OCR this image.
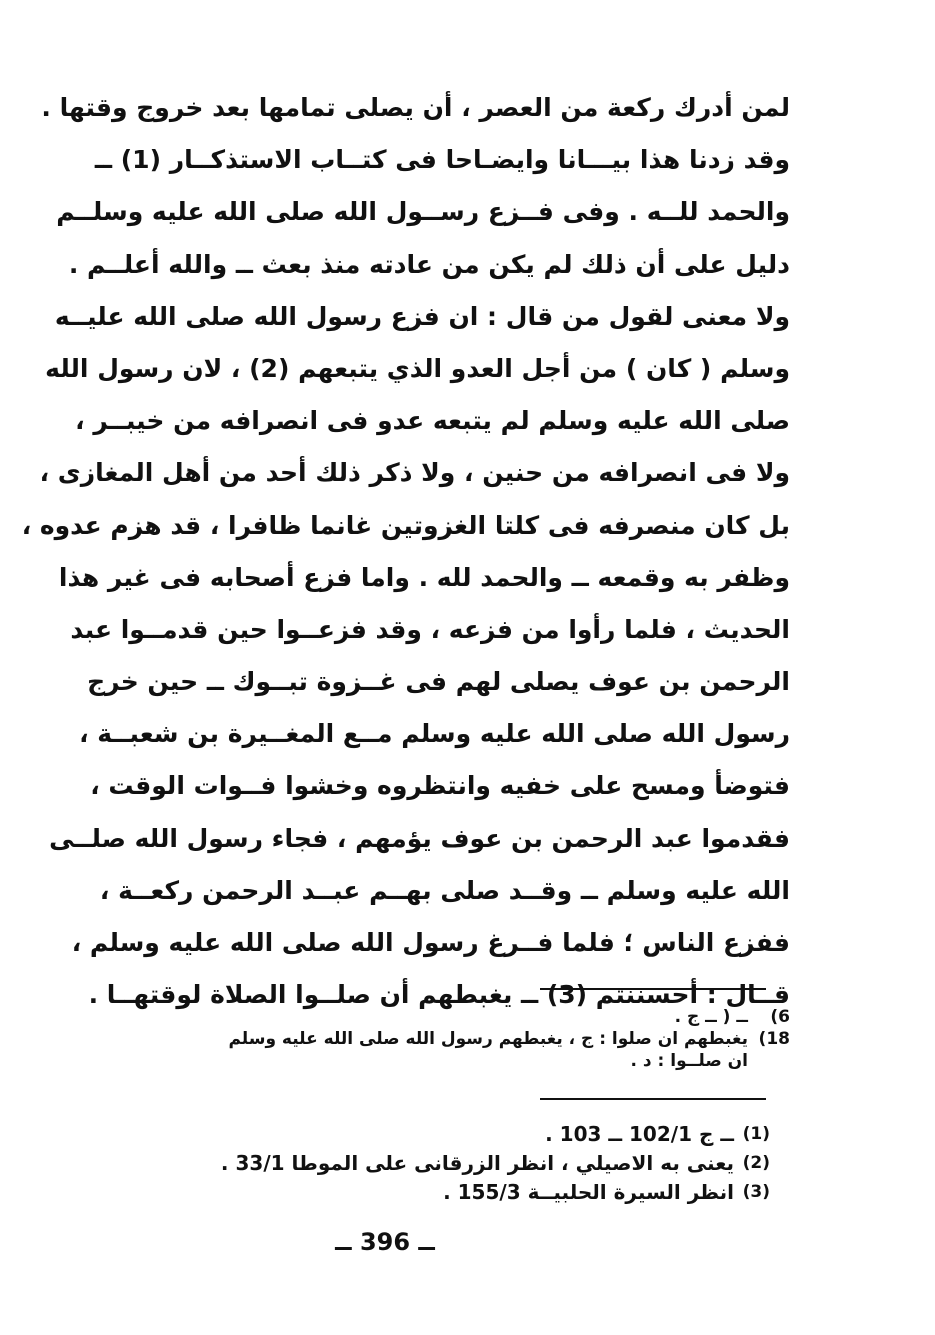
لمن أدرك ركعة من العصر ، أن يصلى تمامها بعد خروج وقتها .
وقد زدنا هذا بيـــانا وايضـاحا فى كتــاب الاستذكــار (1) ــ
والحمد للــه . وفى فــزع رســول الله صلى الله عليه وسلــم
دليل على أن ذلك لم يكن من عادته منذ بعث ــ والله أعلــم .
ولا معنى لقول من قال : ان فزع رسول الله صلى الله عليــه
وسلم ( كان ) من أجل العدو الذي يتبعهم (2) ، لان رسول الله
صلى الله عليه وسلم لم يتبعه عدو فى انصرافه من خيبــر ،
ولا فى انصرافه من حنين ، ولا ذكر ذلك أحد من أهل المغازى ،
بل كان منصرفه فى كلتا الغزوتين غانما ظافرا ، قد هزم عدوه ،
وظفر به وقمعه ــ والحمد لله . واما فزع أصحابه فى غير هذا
الحديث ، فلما رأوا من فزعه ، وقد فزعــوا حين قدمــوا عبد
الرحمن بن عوف يصلى لهم فى غــزوة تبــوك ــ حين خرج
رسول الله صلى الله عليه وسلم مــع المغــيرة بن شعبــة ،
فتوضأ ومسح على خفيه وانتظروه وخشوا فــوات الوقت ،
فقدموا عبد الرحمن بن عوف يؤمهم ، فجاء رسول الله صلــى
الله عليه وسلم ــ وقــد صلى بهــم عبــد الرحمن ركعــة ،
ففزع الناس ؛ فلما فــرغ رسول الله صلى الله عليه وسلم ،
قــال : أحسننتم (3) ــ يغبطهم أن صلــوا الصلاة لوقتهــا .
6)
ــ ( ــ ج .
18)
يغبطهم ان صلوا : ج ، يغبطهم رسول الله صلى الله عليه وسلم
ان صلــوا : د .
(1)
ــ ج 102/1 ــ 103 .
(2)
يعنى به الاصيلي ، انظر الزرقانى على الموطا 33/1 .
(3)
انظر السيرة الحلبيــة 155/3 .
ــ 396 ــ
